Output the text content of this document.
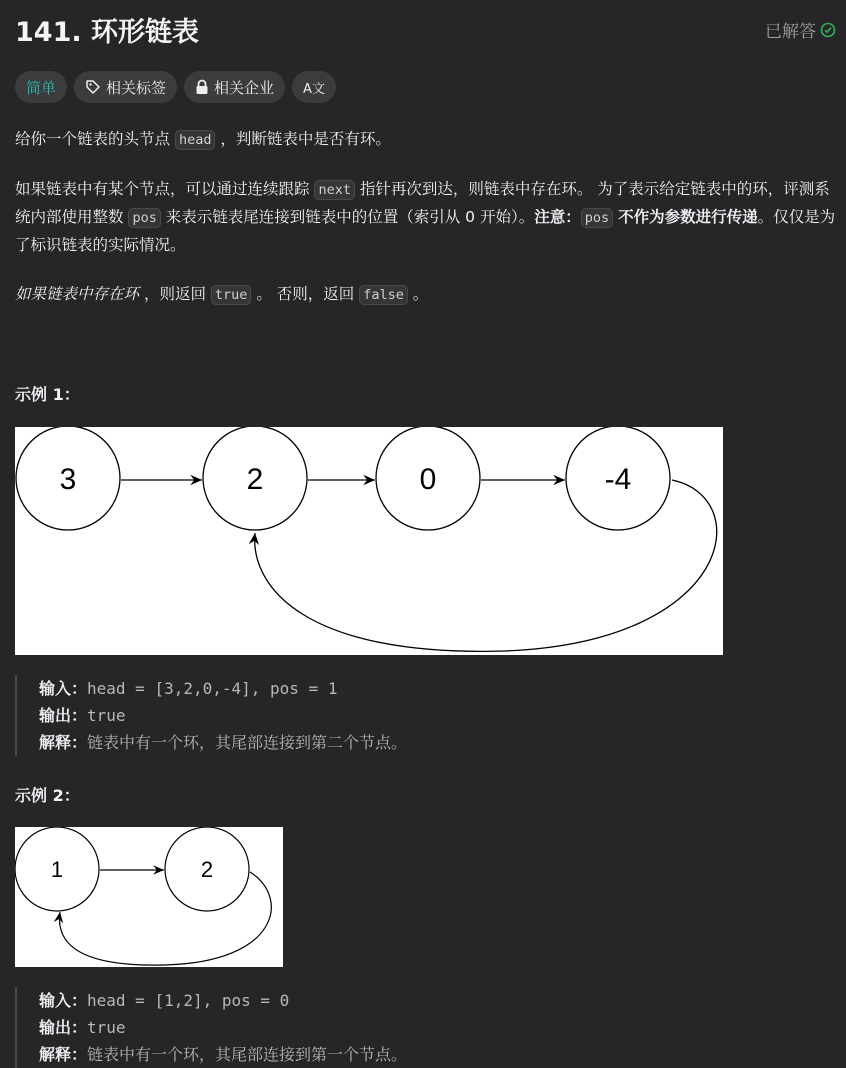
141. 环形链表	已解答
简单	相关标签	相关企业 A文

给你一个链表的头节点 head ，判断链表中是否有环。

如果链表中有某个节点，可以通过连续跟踪 next 指针再次到达，则链表中存在环。 为了表示给定链表中的环，评测系统内部使用整数 pos 来表示链表尾连接到链表中的位置（索引从 0 开始）。注意： pos 不作为参数进行传递。仅仅是为了标识链表的实际情况。

如果链表中存在环 ，则返回 true 。 否则，返回 false 。

示例 1：
3	2	0	-4
输入：head = [3,2,0,-4], pos = 1
输出：true
解释：链表中有一个环，其尾部连接到第二个节点。
示例 2：
1	2
输入：head = [1,2], pos = 0
输出：true
解释：链表中有一个环，其尾部连接到第一个节点。
